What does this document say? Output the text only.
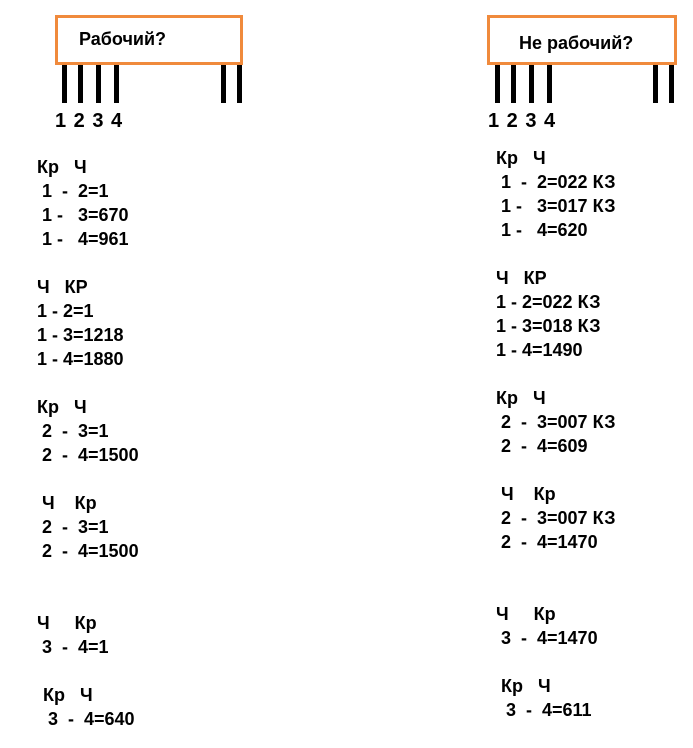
Рабочий?
1 2 3 4
Кр   Ч
1  -  2=1
1 -   3=670
1 -   4=961
Ч   КР
1 - 2=1
1 - 3=1218
1 - 4=1880
Кр   Ч
2  -  3=1
2  -  4=1500
Ч    Кр
2  -  3=1
2  -  4=1500
Ч     Кр
3  -  4=1
Кр   Ч
3  -  4=640
Не рабочий?
1 2 3 4
Кр   Ч
1  -  2=022 КЗ
1 -   3=017 КЗ
1 -   4=620
Ч   КР
1 - 2=022 КЗ
1 - 3=018 КЗ
1 - 4=1490
Кр   Ч
2  -  3=007 КЗ
2  -  4=609
Ч    Кр
2  -  3=007 КЗ
2  -  4=1470
Ч     Кр
3  -  4=1470
Кр   Ч
3  -  4=611
